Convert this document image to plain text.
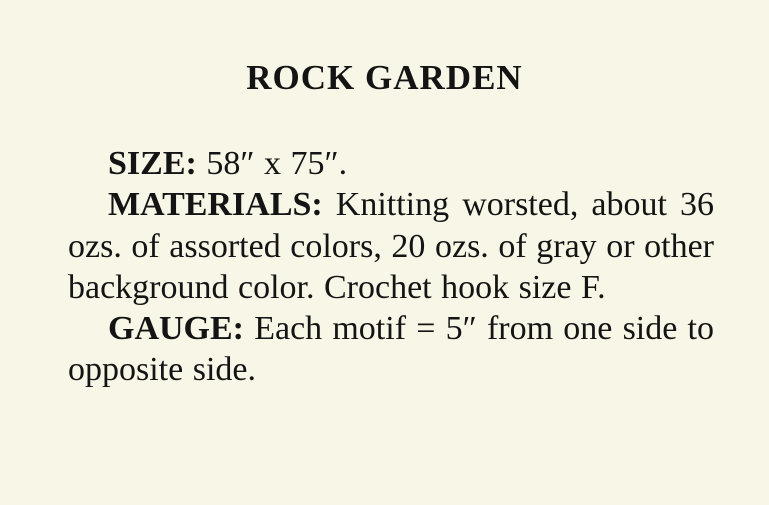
ROCK GARDEN

SIZE: 58″ x 75″.

MATERIALS: Knitting worsted, about 36 ozs. of assorted colors, 20 ozs. of gray or other background color. Crochet hook size F.

GAUGE: Each motif = 5″ from one side to opposite side.
